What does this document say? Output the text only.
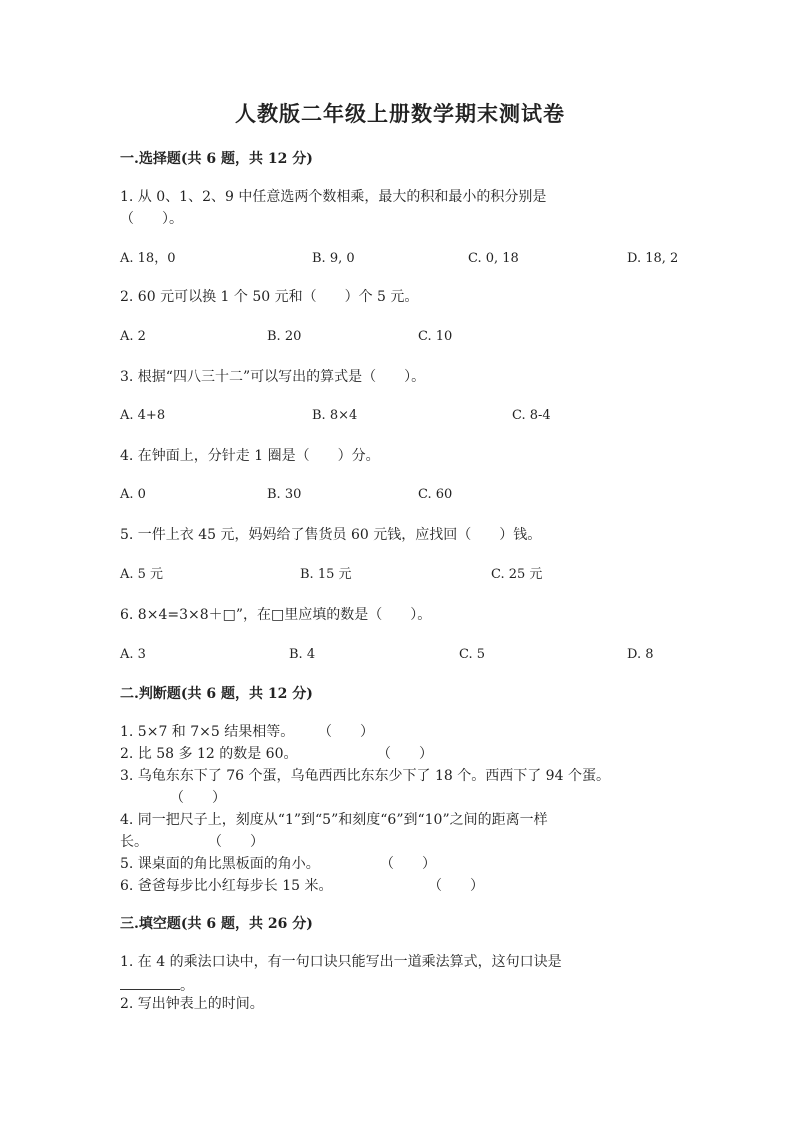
人教版二年级上册数学期末测试卷
一.选择题(共 6 题，共 12 分)
1. 从 0、1、2、9 中任意选两个数相乘，最大的积和最小的积分别是
（　　）。
A. 18，0	B. 9, 0	C. 0, 18	D. 18, 2
2. 60 元可以换 1 个 50 元和（　　）个 5 元。
A. 2	B. 20	C. 10
3. 根据“四八三十二”可以写出的算式是（　　）。
A. 4+8	B. 8×4	C. 8-4
4. 在钟面上，分针走 1 圈是（　　）分。
A. 0	B. 30	C. 60
5. 一件上衣 45 元，妈妈给了售货员 60 元钱，应找回（　　）钱。
A. 5 元	B. 15 元	C. 25 元
6. 8×4=3×8＋□”，在□里应填的数是（　　）。
A. 3	B. 4	C. 5	D. 8
二.判断题(共 6 题，共 12 分)
1. 5×7 和 7×5 结果相等。 （　　）
2. 比 58 多 12 的数是 60。	（　　）
3. 乌龟东东下了 76 个蛋，乌龟西西比东东少下了 18 个。西西下了 94 个蛋。
（　　）
4. 同一把尺子上，刻度从“1”到“5”和刻度“6”到“10”之间的距离一样
长。	（　　）
5. 课桌面的角比黑板面的角小。	（　　）
6. 爸爸每步比小红每步长 15 米。	（　　）
三.填空题(共 6 题，共 26 分)
1. 在 4 的乘法口诀中，有一句口诀只能写出一道乘法算式，这句口诀是
。
2. 写出钟表上的时间。
